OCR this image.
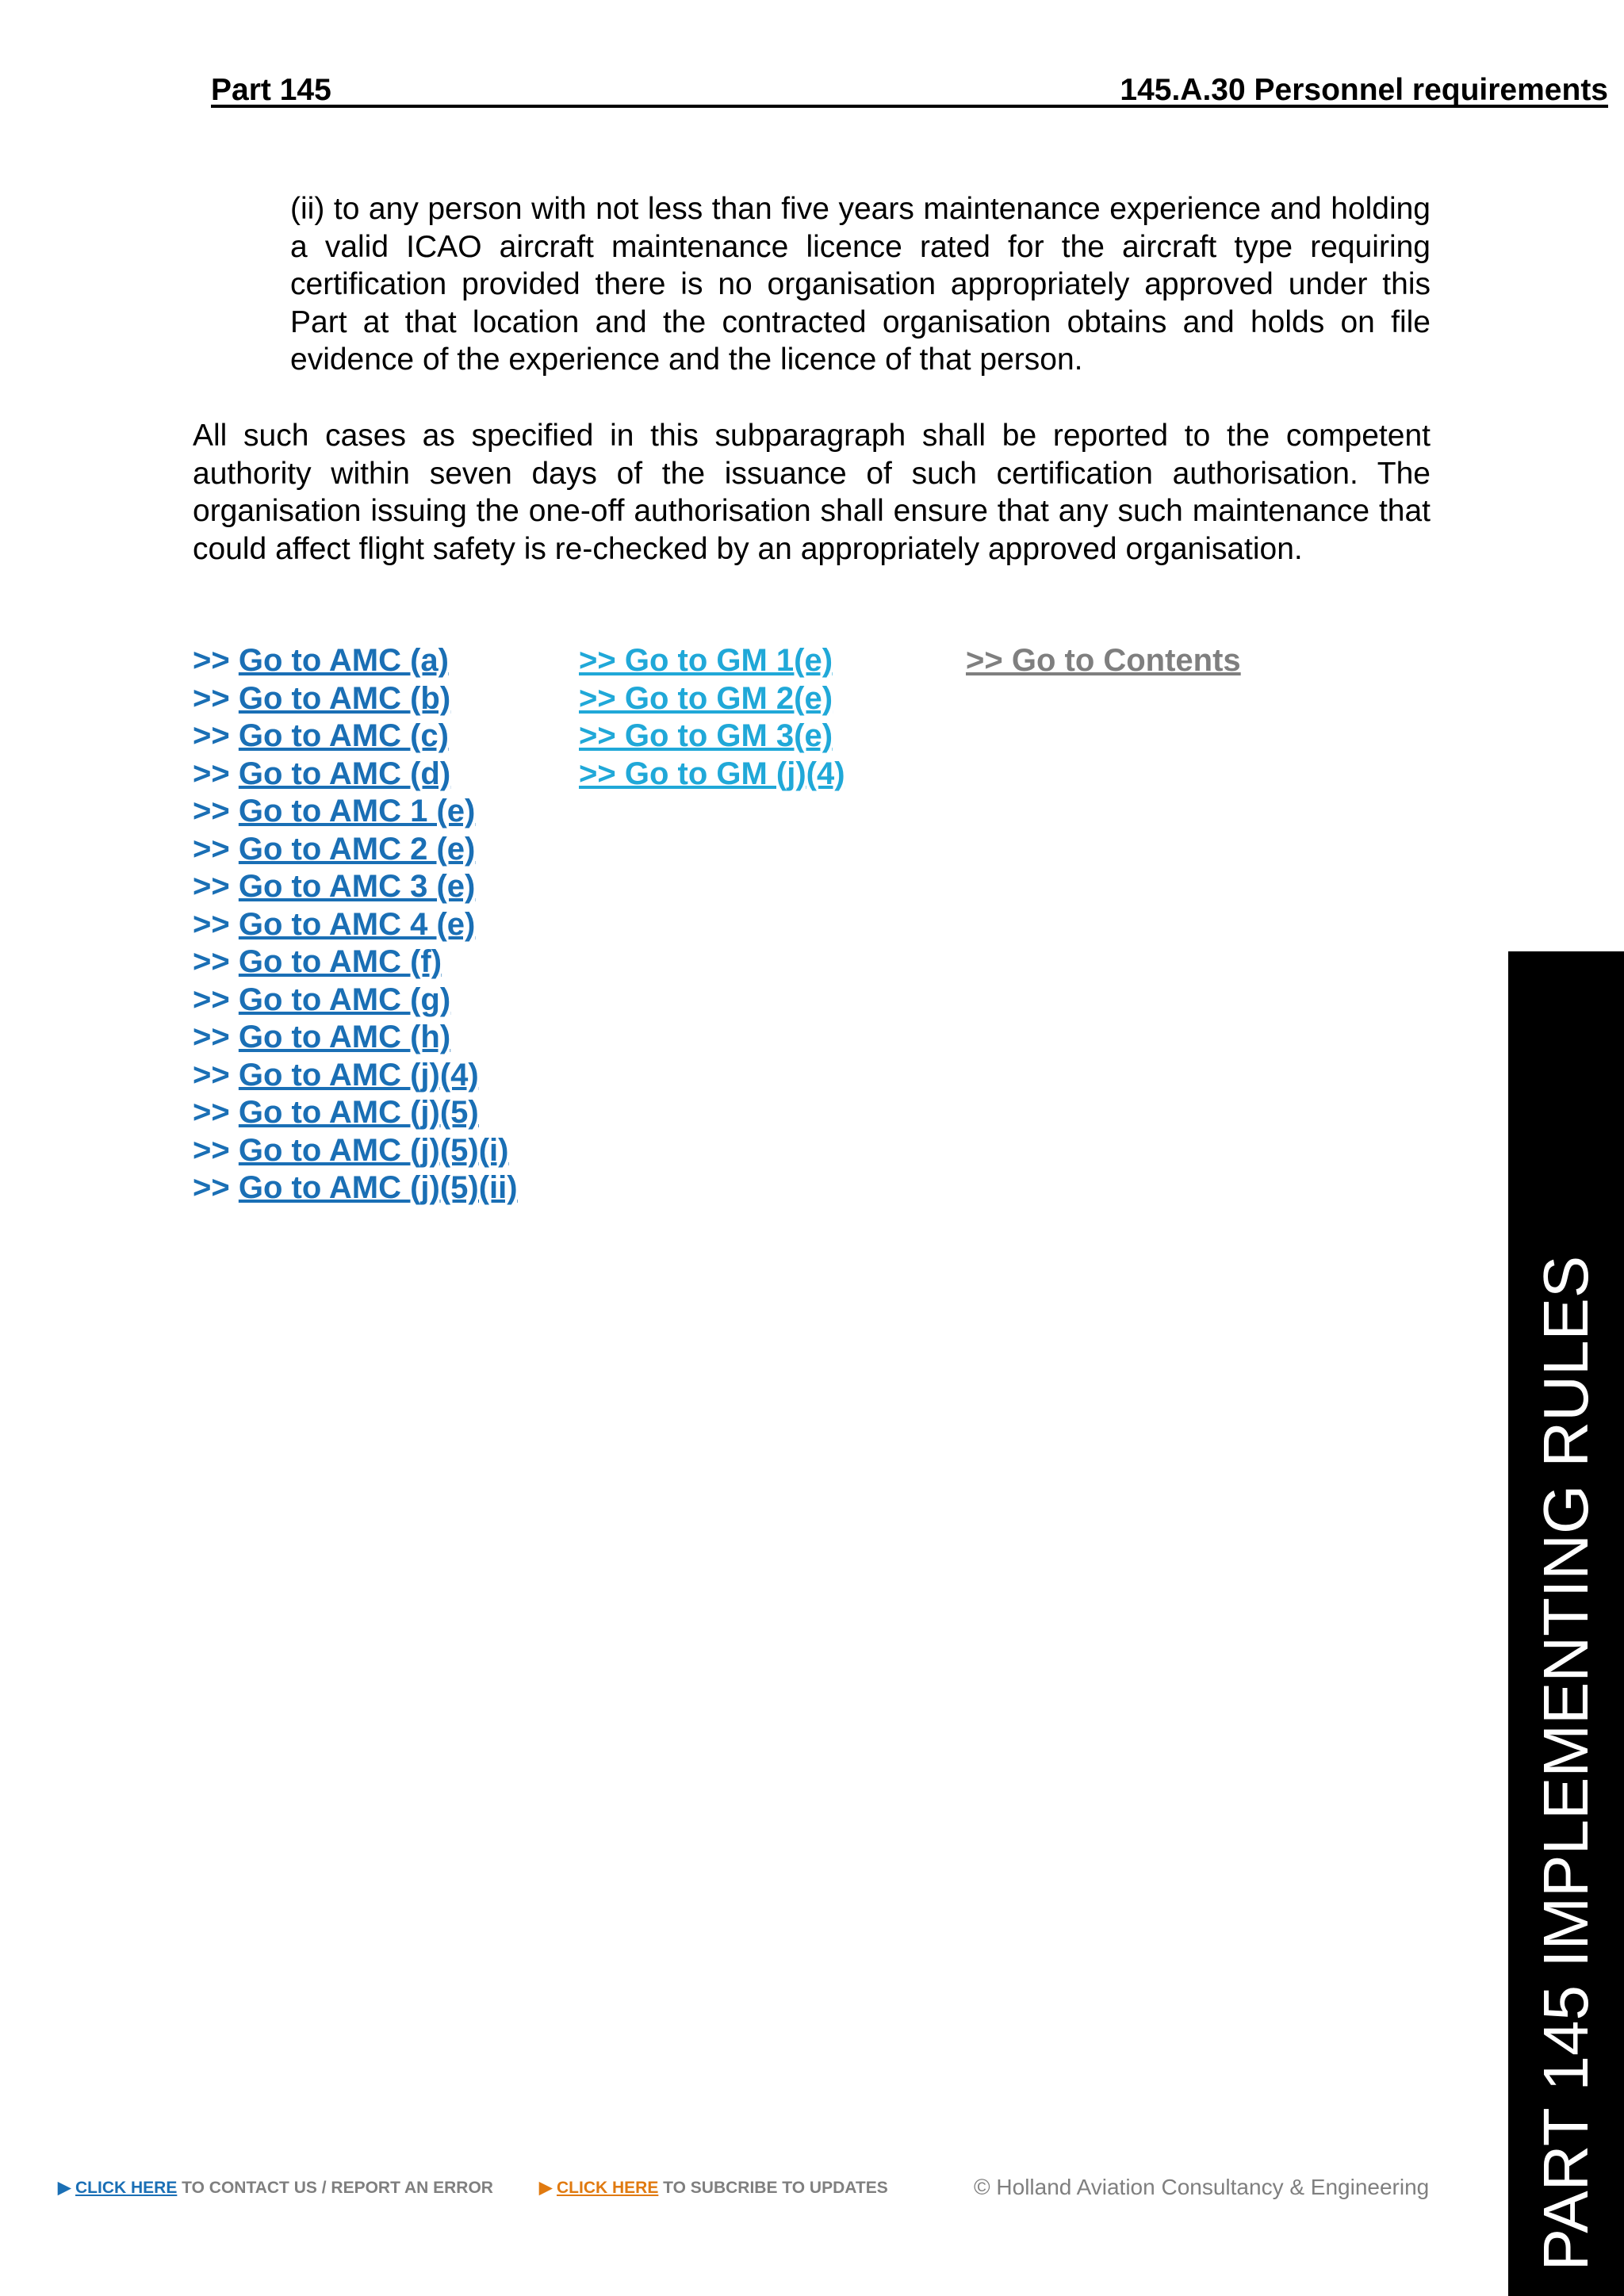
Part 145	145.A.30 Personnel requirements

(ii) to any person with not less than five years maintenance experience and holding a valid ICAO aircraft maintenance licence rated for the aircraft type requiring certification provided there is no organisation appropriately approved under this Part at that location and the contracted organisation obtains and holds on file evidence of the experience and the licence of that person.

All such cases as specified in this subparagraph shall be reported to the competent authority within seven days of the issuance of such certification authorisation. The organisation issuing the one-off authorisation shall ensure that any such maintenance that could affect flight safety is re-checked by an appropriately approved organisation.

>> Go to AMC (a)
>> Go to AMC (b)
>> Go to AMC (c)
>> Go to AMC (d)
>> Go to AMC 1 (e)
>> Go to AMC 2 (e)
>> Go to AMC 3 (e)
>> Go to AMC 4 (e)
>> Go to AMC (f)
>> Go to AMC (g)
>> Go to AMC (h)
>> Go to AMC (j)(4)
>> Go to AMC (j)(5)
>> Go to AMC (j)(5)(i)
>> Go to AMC (j)(5)(ii)
>> Go to GM 1(e)
>> Go to GM 2(e)
>> Go to GM 3(e)
>> Go to GM (j)(4)
>> Go to Contents
▶ CLICK HERE TO CONTACT US / REPORT AN ERROR	▶ CLICK HERE TO SUBCRIBE TO UPDATES	© Holland Aviation Consultancy & Engineering PART 145 IMPLEMENTING RULES
